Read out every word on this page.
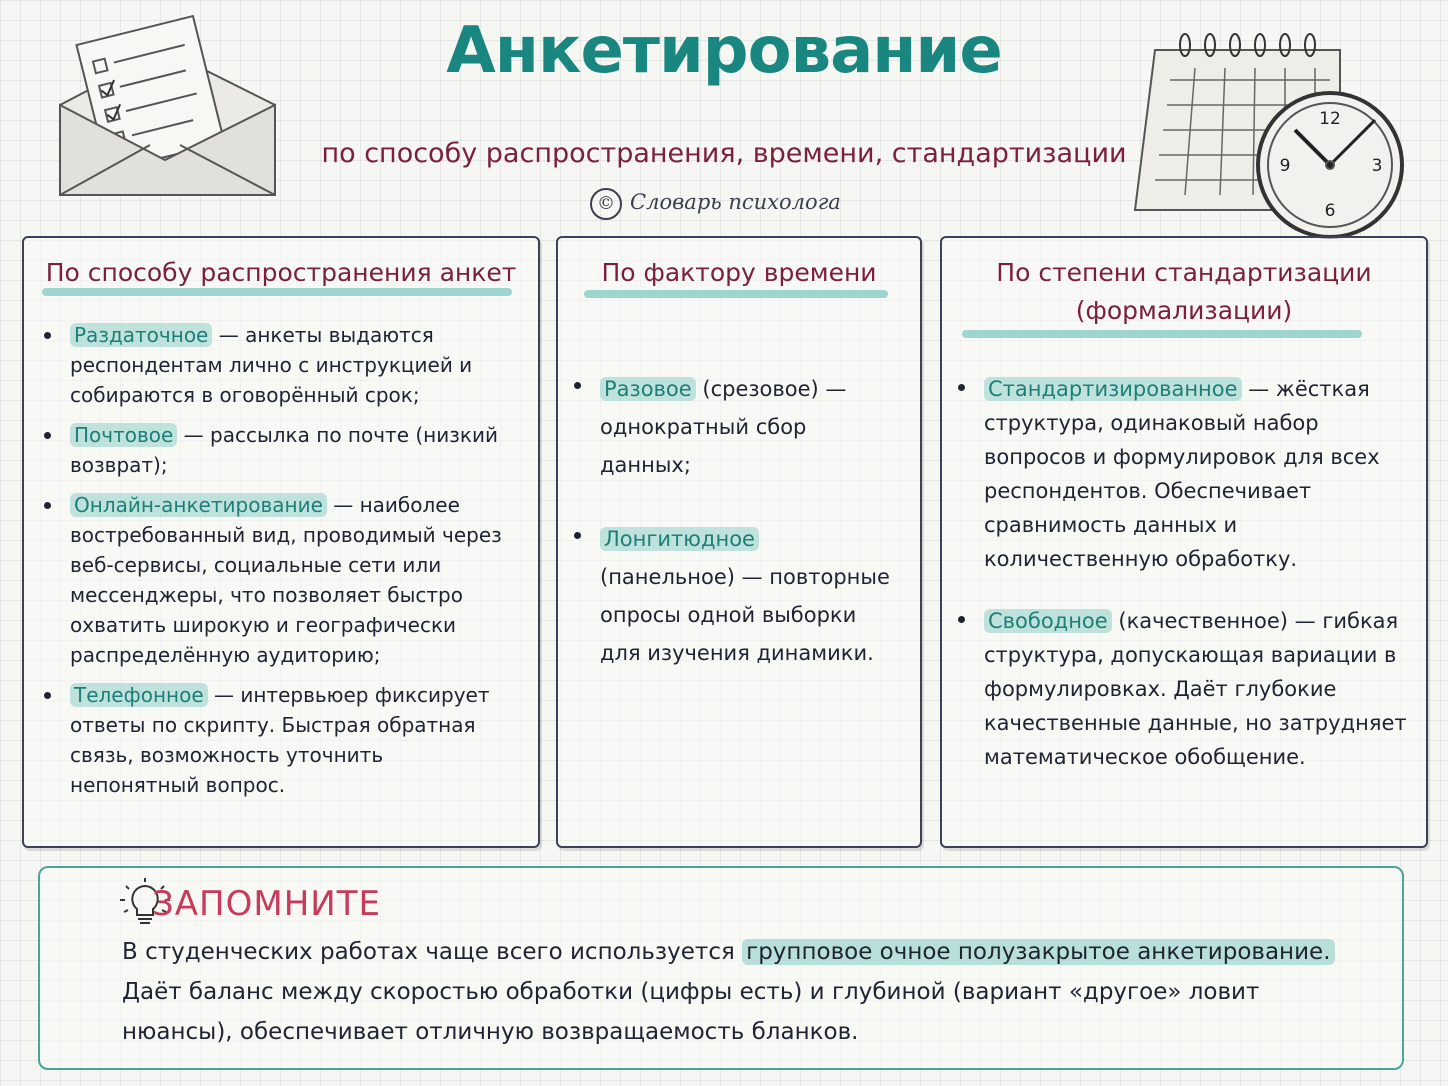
12
3
6
9
Анкетирование
по способу распространения, времени, стандартизации
© Словарь психолога
По способу распространения анкет
Раздаточное — анкеты выдаются респондентам лично с инструкцией и собираются в оговорённый срок;
Почтовое — рассылка по почте (низкий возврат);
Онлайн-анкетирование — наиболее востребованный вид, проводимый через веб-сервисы, социальные сети или мессенджеры, что позволяет быстро охватить широкую и географически распределённую аудиторию;
Телефонное — интервьюер фиксирует ответы по скрипту. Быстрая обратная связь, возможность уточнить непонятный вопрос.
По фактору времени
Разовое (срезовое) — однократный сбор данных;
Лонгитюдное (панельное) — повторные опросы одной выборки для изучения динамики.
По степени стандартизации
(формализации)
Стандартизированное — жёсткая структура, одинаковый набор вопросов и формулировок для всех респондентов. Обеспечивает сравнимость данных и количественную обработку.
Свободное (качественное) — гибкая структура, допускающая вариации в формулировках. Даёт глубокие качественные данные, но затрудняет математическое обобщение.
ЗАПОМНИТЕ
В студенческих работах чаще всего используется групповое очное полузакрытое анкетирование. Даёт баланс между скоростью обработки (цифры есть) и глубиной (вариант «другое» ловит нюансы), обеспечивает отличную возвращаемость бланков.
